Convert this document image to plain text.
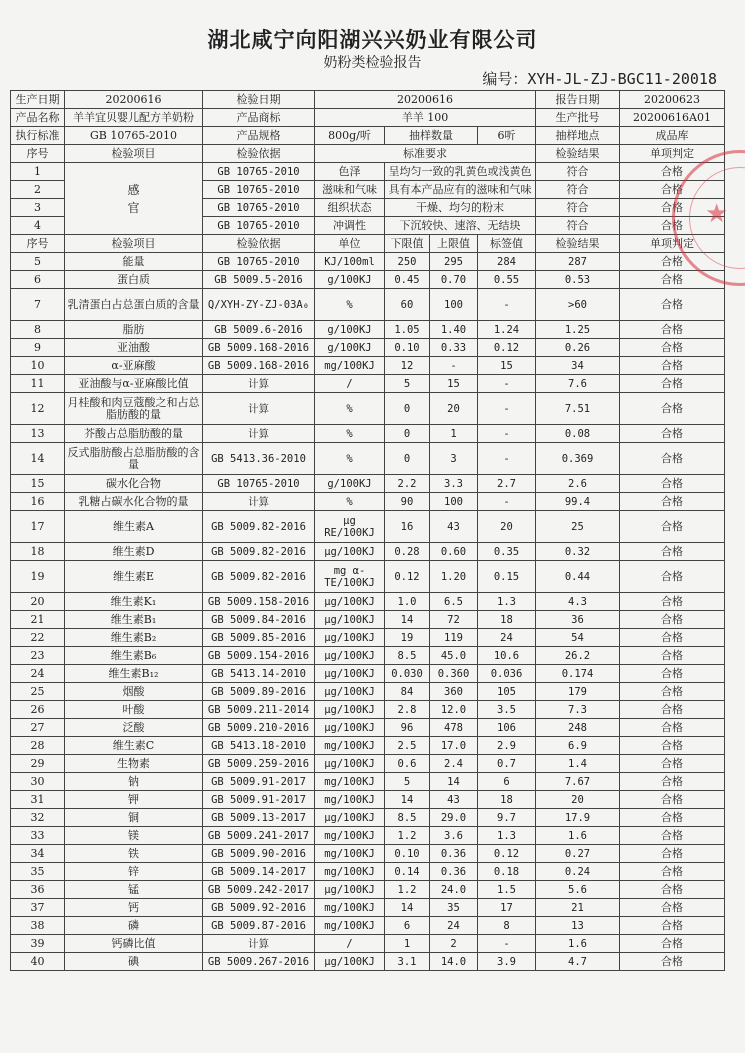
湖北咸宁向阳湖兴兴奶业有限公司
奶粉类检验报告
编号：XYH-JL-ZJ-BGC11-20018
生产日期	20200616	检验日期	20200616				报告日期	20200623
产品名称	羊羊宜贝婴儿配方羊奶粉	产品商标	羊羊 100				生产批号	20200616A01
执行标准	GB 10765-2010	产品规格	800g/听	抽样数量		6听	抽样地点	成品库
序号	检验项目	检验依据	标准要求				检验结果	单项判定
1		GB 10765-2010	色泽	呈均匀一致的乳黄色或浅黄色			符合	合格
2	感	GB 10765-2010	滋味和气味	具有本产品应有的滋味和气味			符合	合格
3	官	GB 10765-2010	组织状态	干燥、均匀的粉末			符合	合格
4		GB 10765-2010	冲调性	下沉较快、速溶、无结块			符合	合格
序号	检验项目	检验依据	单位	下限值	上限值	标签值	检验结果	单项判定
5	能量	GB 10765-2010	KJ/100ml	250	295	284	287	合格
6	蛋白质	GB 5009.5-2016	g/100KJ	0.45	0.70	0.55	0.53	合格
7	乳清蛋白占总蛋白质的含量	Q/XYH-ZY-ZJ-03A₀	%	60	100	-	>60	合格
8	脂肪	GB 5009.6-2016	g/100KJ	1.05	1.40	1.24	1.25	合格
9	亚油酸	GB 5009.168-2016	g/100KJ	0.10	0.33	0.12	0.26	合格
10	α-亚麻酸	GB 5009.168-2016	mg/100KJ	12	-	15	34	合格
11	亚油酸与α-亚麻酸比值	计算	/	5	15	-	7.6	合格
12	月桂酸和肉豆蔻酸之和占总脂肪酸的量	计算	%	0	20	-	7.51	合格
13	芥酸占总脂肪酸的量	计算	%	0	1	-	0.08	合格
14	反式脂肪酸占总脂肪酸的含量	GB 5413.36-2010	%	0	3	-	0.369	合格
15	碳水化合物	GB 10765-2010	g/100KJ	2.2	3.3	2.7	2.6	合格
16	乳糖占碳水化合物的量	计算	%	90	100	-	99.4	合格
17	维生素A	GB 5009.82-2016	μg RE/100KJ	16	43	20	25	合格
18	维生素D	GB 5009.82-2016	μg/100KJ	0.28	0.60	0.35	0.32	合格
19	维生素E	GB 5009.82-2016	mg α-TE/100KJ	0.12	1.20	0.15	0.44	合格
20	维生素K₁	GB 5009.158-2016	μg/100KJ	1.0	6.5	1.3	4.3	合格
21	维生素B₁	GB 5009.84-2016	μg/100KJ	14	72	18	36	合格
22	维生素B₂	GB 5009.85-2016	μg/100KJ	19	119	24	54	合格
23	维生素B₆	GB 5009.154-2016	μg/100KJ	8.5	45.0	10.6	26.2	合格
24	维生素B₁₂	GB 5413.14-2010	μg/100KJ	0.030	0.360	0.036	0.174	合格
25	烟酸	GB 5009.89-2016	μg/100KJ	84	360	105	179	合格
26	叶酸	GB 5009.211-2014	μg/100KJ	2.8	12.0	3.5	7.3	合格
27	泛酸	GB 5009.210-2016	μg/100KJ	96	478	106	248	合格
28	维生素C	GB 5413.18-2010	mg/100KJ	2.5	17.0	2.9	6.9	合格
29	生物素	GB 5009.259-2016	μg/100KJ	0.6	2.4	0.7	1.4	合格
30	钠	GB 5009.91-2017	mg/100KJ	5	14	6	7.67	合格
31	钾	GB 5009.91-2017	mg/100KJ	14	43	18	20	合格
32	铜	GB 5009.13-2017	μg/100KJ	8.5	29.0	9.7	17.9	合格
33	镁	GB 5009.241-2017	mg/100KJ	1.2	3.6	1.3	1.6	合格
34	铁	GB 5009.90-2016	mg/100KJ	0.10	0.36	0.12	0.27	合格
35	锌	GB 5009.14-2017	mg/100KJ	0.14	0.36	0.18	0.24	合格
36	锰	GB 5009.242-2017	μg/100KJ	1.2	24.0	1.5	5.6	合格
37	钙	GB 5009.92-2016	mg/100KJ	14	35	17	21	合格
38	磷	GB 5009.87-2016	mg/100KJ	6	24	8	13	合格
39	钙磷比值	计算	/	1	2	-	1.6	合格
40	碘	GB 5009.267-2016	μg/100KJ	3.1	14.0	3.9	4.7	合格
★
